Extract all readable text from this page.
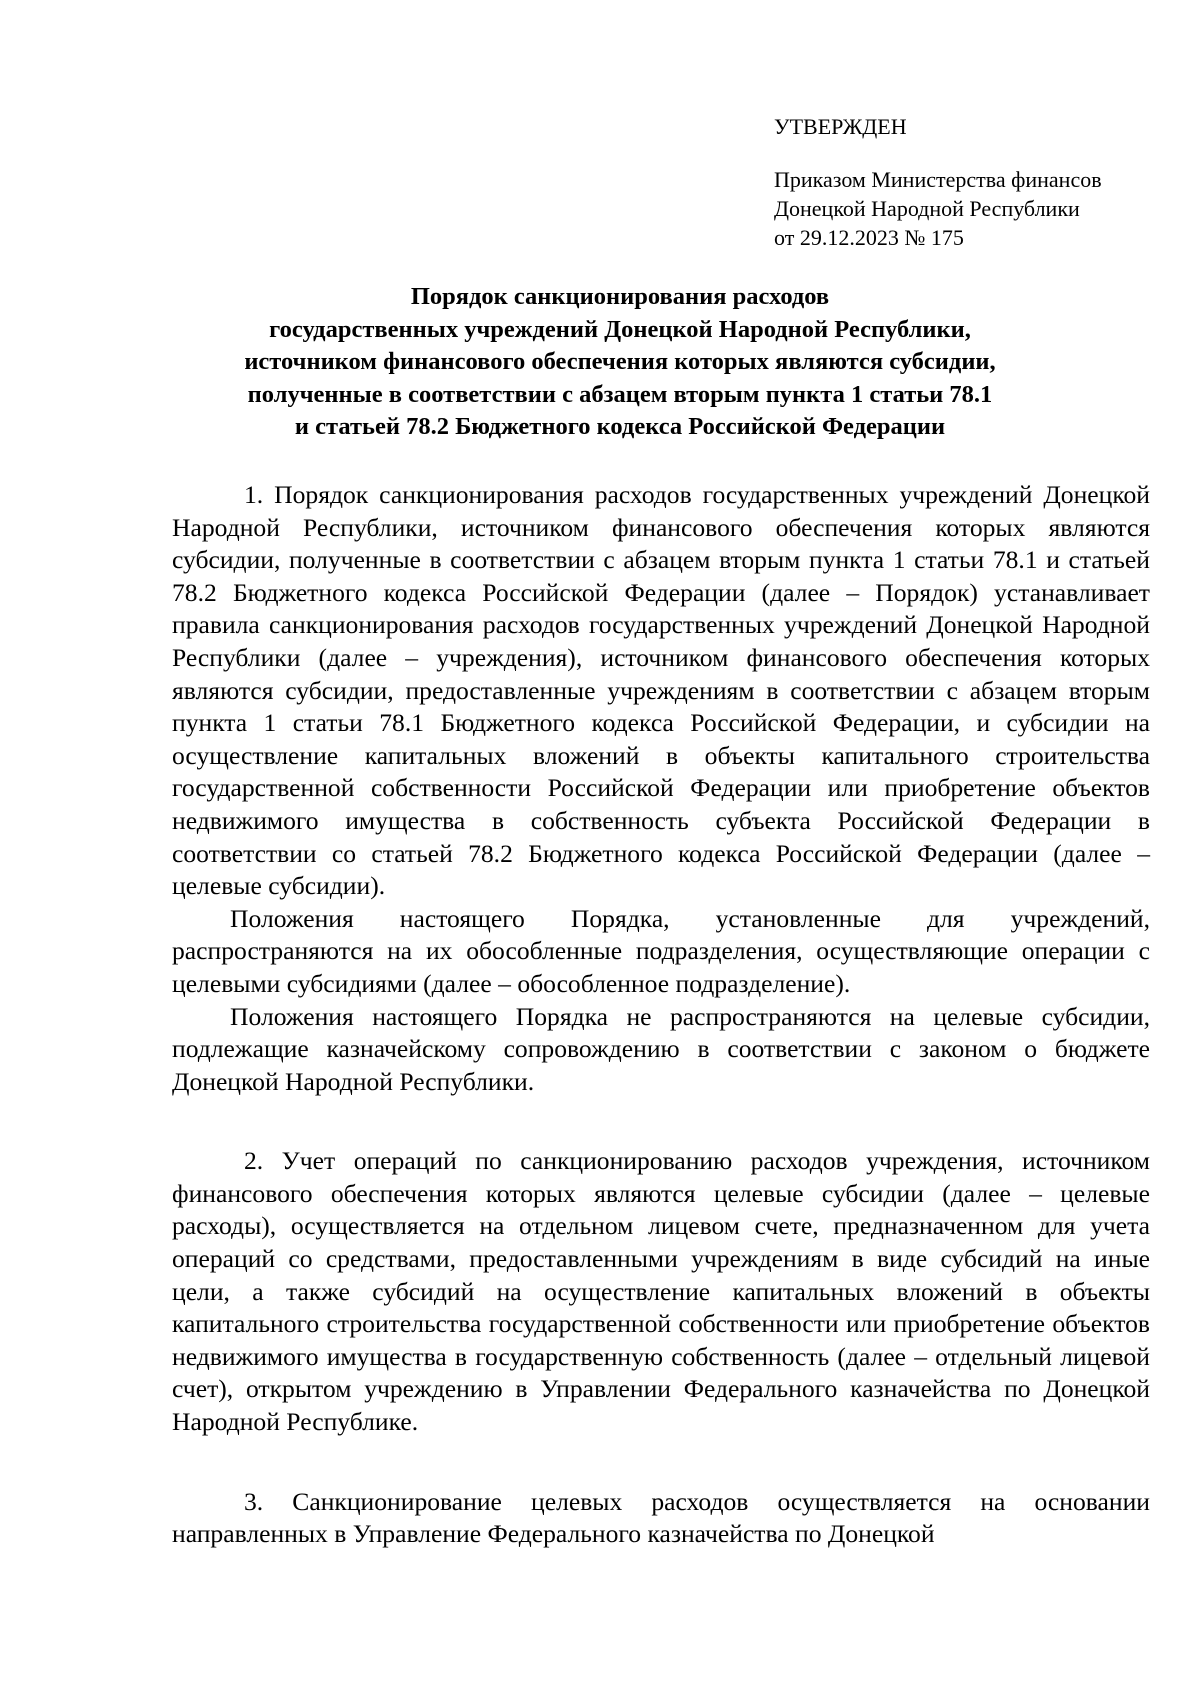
УТВЕРЖДЕН
Приказом Министерства финансов
Донецкой Народной Республики
от 29.12.2023 № 175
Порядок санкционирования расходов
государственных учреждений Донецкой Народной Республики,
источником финансового обеспечения которых являются субсидии,
полученные в соответствии с абзацем вторым пункта 1 статьи 78.1
и статьей 78.2 Бюджетного кодекса Российской Федерации

1. Порядок санкционирования расходов государственных учреждений Донецкой Народной Республики, источником финансового обеспечения которых являются субсидии, полученные в соответствии с абзацем вторым пункта 1 статьи 78.1 и статьей 78.2 Бюджетного кодекса Российской Федерации (далее – Порядок) устанавливает правила санкционирования расходов государственных учреждений Донецкой Народной Республики (далее – учреждения), источником финансового обеспечения которых являются субсидии, предоставленные учреждениям в соответствии с абзацем вторым пункта 1 статьи 78.1 Бюджетного кодекса Российской Федерации, и субсидии на осуществление капитальных вложений в объекты капитального строительства государственной собственности Российской Федерации или приобретение объектов недвижимого имущества в собственность субъекта Российской Федерации в соответствии со статьей 78.2 Бюджетного кодекса Российской Федерации (далее – целевые субсидии).

Положения настоящего Порядка, установленные для учреждений, распространяются на их обособленные подразделения, осуществляющие операции с целевыми субсидиями (далее – обособленное подразделение).

Положения настоящего Порядка не распространяются на целевые субсидии, подлежащие казначейскому сопровождению в соответствии с законом о бюджете Донецкой Народной Республики.

2. Учет операций по санкционированию расходов учреждения, источником финансового обеспечения которых являются целевые субсидии (далее – целевые расходы), осуществляется на отдельном лицевом счете, предназначенном для учета операций со средствами, предоставленными учреждениям в виде субсидий на иные цели, а также субсидий на осуществление капитальных вложений в объекты капитального строительства государственной собственности или приобретение объектов недвижимого имущества в государственную собственность (далее – отдельный лицевой счет), открытом учреждению в Управлении Федерального казначейства по Донецкой Народной Республике.

3. Санкционирование целевых расходов осуществляется на основании направленных в Управление Федерального казначейства по Донецкой
